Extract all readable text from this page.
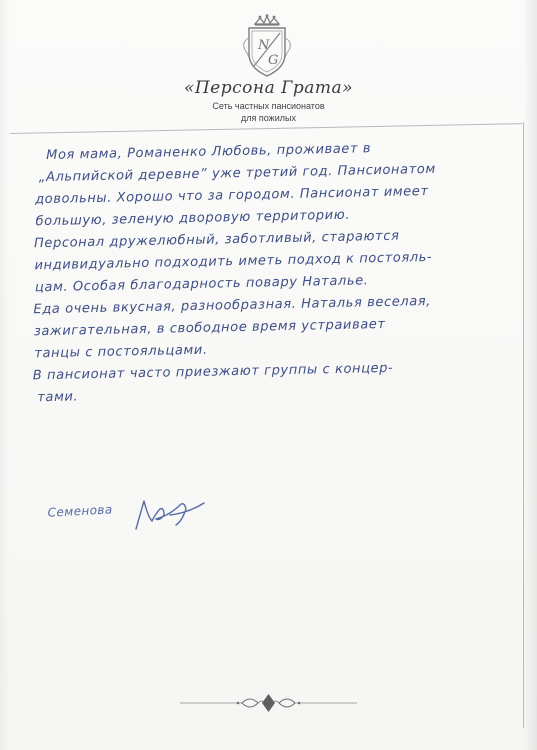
N
G
«Персона Грата»
Сеть частных пансионатов
для пожилых
Моя мама, Романенко Любовь, проживает в
„Альпийской деревне” уже третий год. Пансионатом
довольны. Хорошо что за городом. Пансионат имеет
большую, зеленую дворовую территорию.
Персонал дружелюбный, заботливый, стараются
индивидуально подходить иметь подход к постояль-
цам. Особая благодарность повару Наталье.
Еда очень вкусная, разнообразная. Наталья веселая,
зажигательная, в свободное время устраивает
танцы с постояльцами.
В пансионат часто приезжают группы с концер-
тами.
Семенова
